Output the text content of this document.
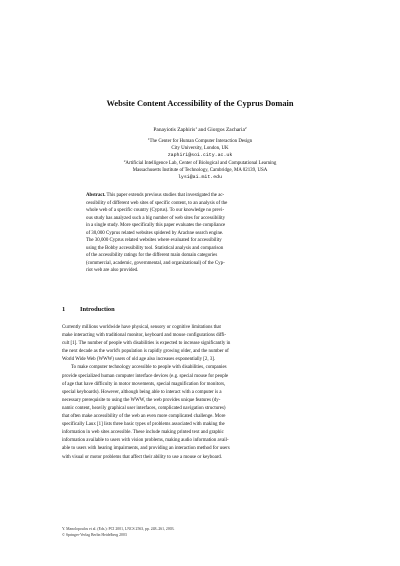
Website Content Accessibility of the Cyprus Domain
Panayiotis Zaphiris$^1$ and Giorgos Zacharia$^2$
$^1$The Center for Human Computer Interaction Design
City University, London, UK
zaphiri@soi.city.ac.uk
$^2$Artificial Intelligence Lab, Center of Biological and Computational Learning
Massachusetts Institute of Technology, Cambridge, MA 02139, USA
lysi@ai.mit.edu
Abstract. This paper extends previous studies that investigated the ac-
cessibility of different web sites of specific content, to an analysis of the
whole web of a specific country (Cyprus). To our knowledge no previ-
ous study has analyzed such a big number of web sites for accessibility
in a single study. More specifically this paper evaluates the compliance
of 30,000 Cyprus related websites spidered by Arachne search engine.
The 30,000 Cyprus related websites where evaluated for accessibility
using the Bobby accessibility tool. Statistical analysis and comparison
of the accessibility ratings for the different main domain categories
(commercial, academic, governmental, and organizational) of the Cyp-
riot web are also provided.
1 Introduction
Currently millions worldwide have physical, sensory or cognitive limitations that
make interacting with traditional monitor, keyboard and mouse configurations diffi-
cult [1]. The number of people with disabilities is expected to increase significantly in
the next decade as the world's population is rapidly growing older, and the number of
World Wide Web (WWW) users of old age also increases exponentially [2, 3].
To make computer technology accessible to people with disabilities, companies
provide specialized human computer interface devices (e.g. special mouse for people
of age that have difficulty in motor movements, special magnification for monitors,
special keyboards). However, although being able to interact with a computer is a
necessary prerequisite to using the WWW, the web provides unique features (dy-
namic content, heavily graphical user interfaces, complicated navigation structures)
that often make accessibility of the web an even more complicated challenge. More
specifically Laux [1] lists three basic types of problems associated with making the
information in web sites accessible. These include making printed text and graphic
information available to users with vision problems, making audio information avail-
able to users with hearing impairments, and providing an interaction method for users
with visual or motor problems that affect their ability to use a mouse or keyboard.
Y. Manolopoulos et al. (Eds.): PCI 2001, LNCS 2563, pp. 248–261, 2003.
© Springer-Verlag Berlin Heidelberg 2003
